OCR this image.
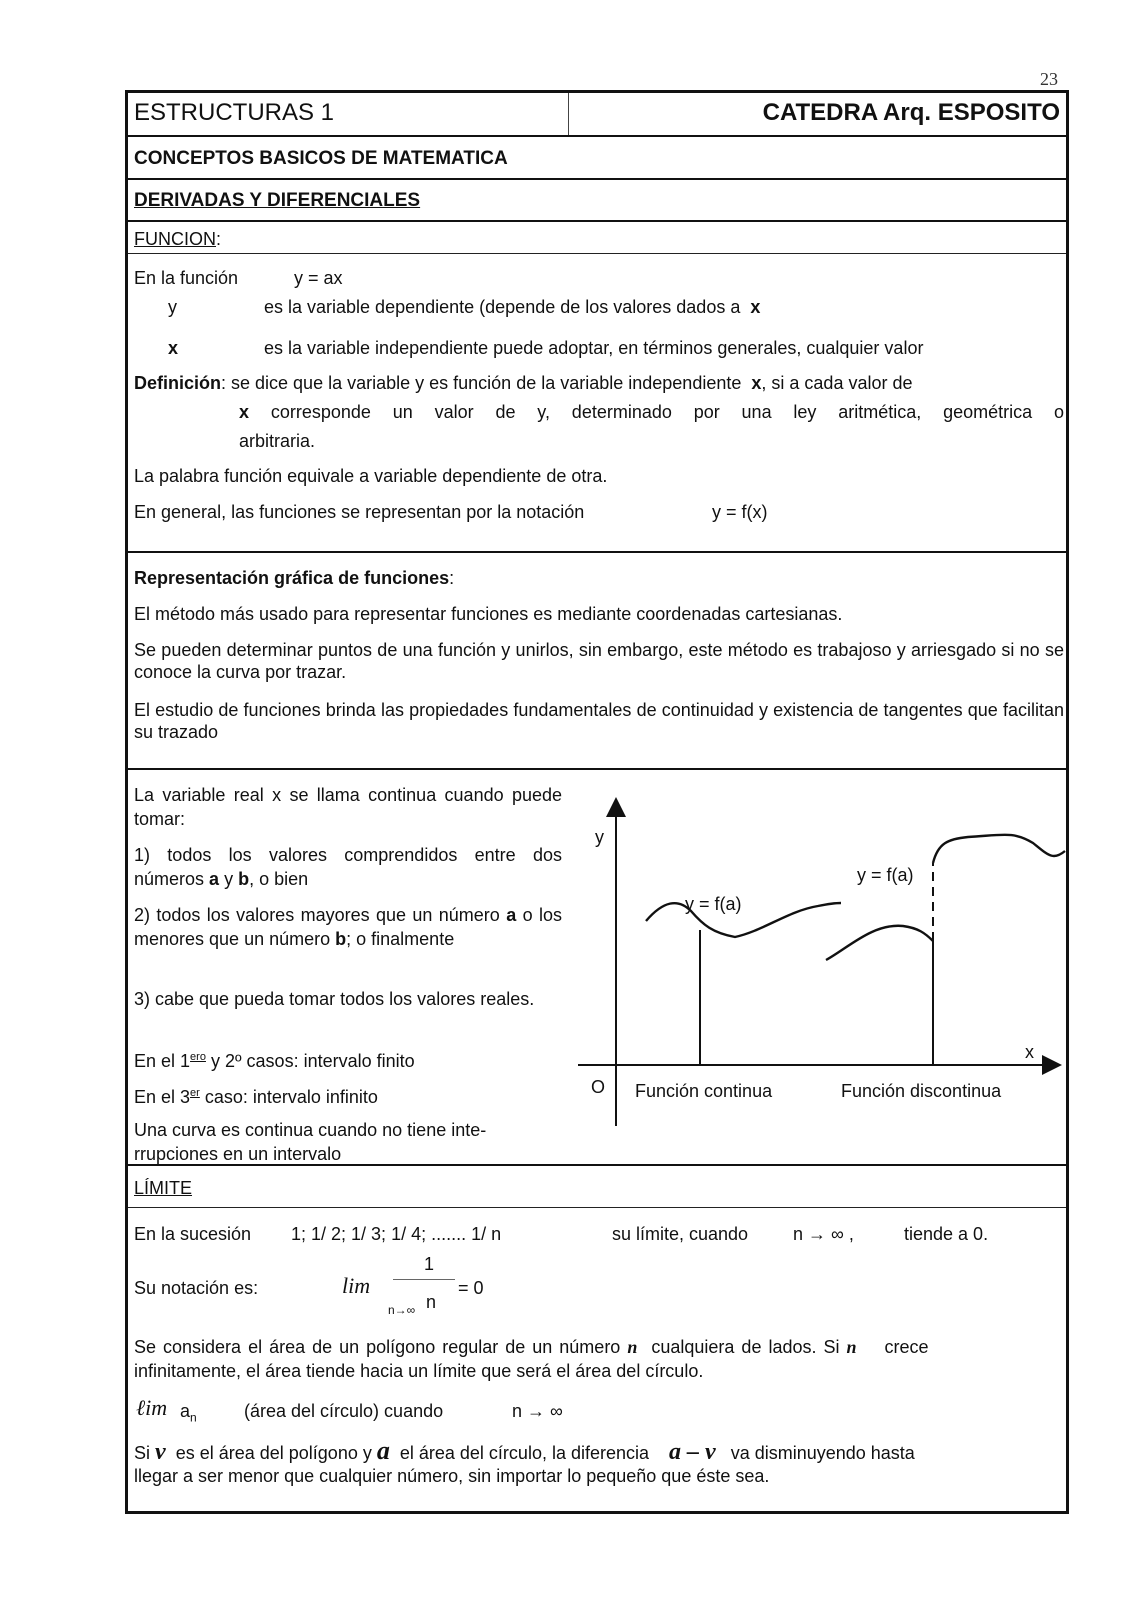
23
ESTRUCTURAS 1	CATEDRA Arq. ESPOSITO
CONCEPTOS BASICOS DE MATEMATICA
DERIVADAS Y DIFERENCIALES
FUNCION:
En la función	y = ax
y	es la variable dependiente (depende de los valores dados a x
x	es la variable independiente puede adoptar, en términos generales, cualquier valor
Definición: se dice que la variable y es función de la variable independiente x, si a cada valor de
x corresponde un valor de y, determinado por una ley aritmética, geométrica o
arbitraria.
La palabra función equivale a variable dependiente de otra.
En general, las funciones se representan por la notación	y = f(x)
Representación gráfica de funciones:
El método más usado para representar funciones es mediante coordenadas cartesianas.
Se pueden determinar puntos de una función y unirlos, sin embargo, este método es trabajoso y arriesgado si no se conoce la curva por trazar.
El estudio de funciones brinda las propiedades fundamentales de continuidad y existencia de tangentes que facilitan su trazado
La variable real x se llama continua cuando puede tomar:
1) todos los valores comprendidos entre dos números a y b, o bien
2) todos los valores mayores que un número a o los menores que un número b; o finalmente
3) cabe que pueda tomar todos los valores reales.
En el $1^{ero}$ y 2º casos: intervalo finito
En el 3er caso: intervalo infinito
Una curva es continua cuando no tiene inte-rrupciones en un intervalo
y
x
O
y = f(a)
y = f(a)
Función continua	Función discontinua
LÍMITE
En la sucesión 1; 1/ 2; 1/ 3; 1/ 4; ....... 1/ n	su límite, cuando n → ∞ ,	tiende a 0.
Su notación es:	lim
1
n→∞ n
= 0
Se considera el área de un polígono regular de un número n cualquiera de lados. Si n crece
infinitamente, el área tiende hacia un límite que será el área del círculo.
ℓim $a_n$	(área del círculo) cuando	n → ∞
Si v es el área del polígono y a el área del círculo, la diferencia a – v va disminuyendo hasta
llegar a ser menor que cualquier número, sin importar lo pequeño que éste sea.
